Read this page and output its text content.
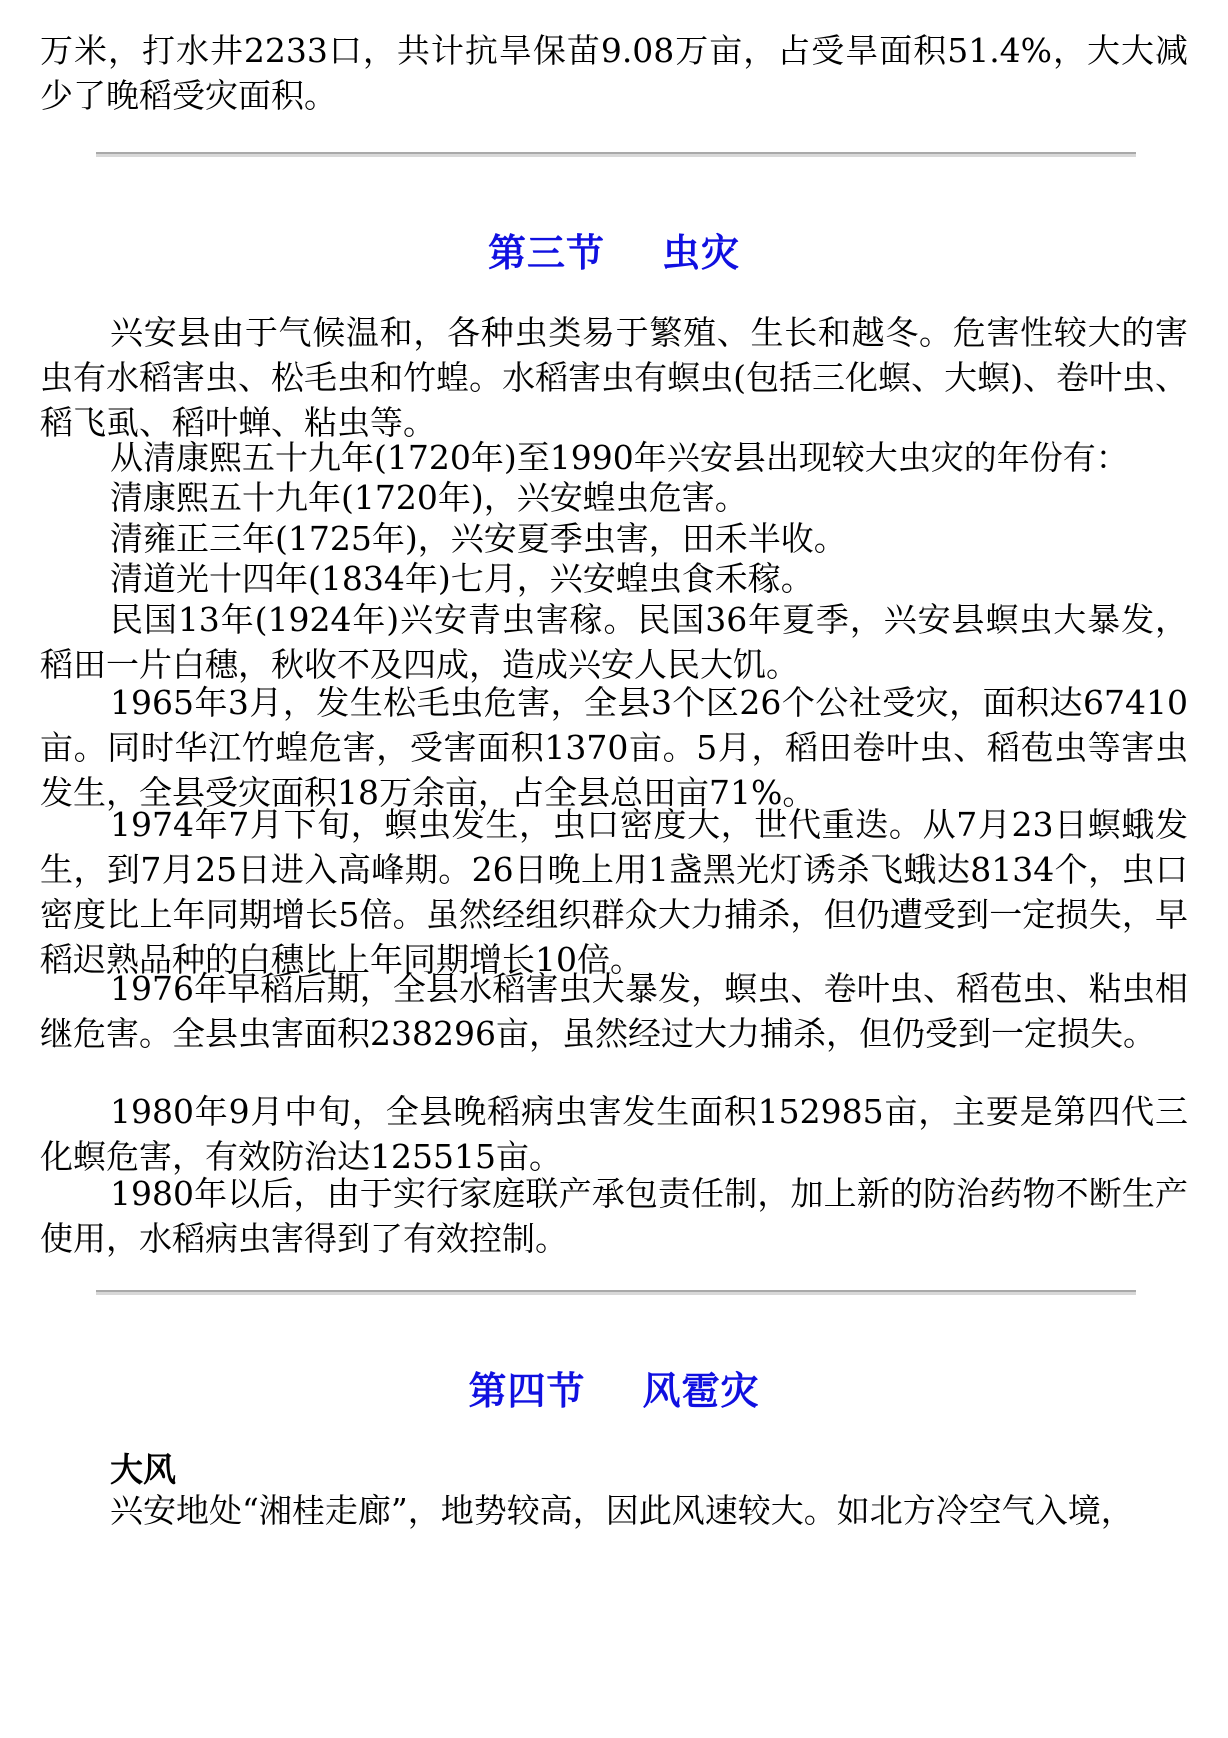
万米，打水井2233口，共计抗旱保苗9.08万亩，占受旱面积51.4%，大大减少了晚稻受灾面积。

第三节    虫灾

兴安县由于气候温和，各种虫类易于繁殖、生长和越冬。危害性较大的害虫有水稻害虫、松毛虫和竹蝗。水稻害虫有螟虫(包括三化螟、大螟)、卷叶虫、稻飞虱、稻叶蝉、粘虫等。

从清康熙五十九年(1720年)至1990年兴安县出现较大虫灾的年份有：

清康熙五十九年(1720年)，兴安蝗虫危害。

清雍正三年(1725年)，兴安夏季虫害，田禾半收。

清道光十四年(1834年)七月，兴安蝗虫食禾稼。

民国13年(1924年)兴安青虫害稼。民国36年夏季，兴安县螟虫大暴发，稻田一片白穗，秋收不及四成，造成兴安人民大饥。

1965年3月，发生松毛虫危害，全县3个区26个公社受灾，面积达67410亩。同时华江竹蝗危害，受害面积1370亩。5月，稻田卷叶虫、稻苞虫等害虫发生，全县受灾面积18万余亩，占全县总田亩71%。

1974年7月下旬，螟虫发生，虫口密度大，世代重迭。从7月23日螟蛾发生，到7月25日进入高峰期。26日晚上用1盏黑光灯诱杀飞蛾达8134个，虫口密度比上年同期增长5倍。虽然经组织群众大力捕杀，但仍遭受到一定损失，早稻迟熟品种的白穗比上年同期增长10倍。

1976年早稻后期，全县水稻害虫大暴发，螟虫、卷叶虫、稻苞虫、粘虫相继危害。全县虫害面积238296亩，虽然经过大力捕杀，但仍受到一定损失。

1980年9月中旬，全县晚稻病虫害发生面积152985亩，主要是第四代三化螟危害，有效防治达125515亩。

1980年以后，由于实行家庭联产承包责任制，加上新的防治药物不断生产使用，水稻病虫害得到了有效控制。

第四节    风雹灾
大风

兴安地处“湘桂走廊”，地势较高，因此风速较大。如北方冷空气入境，
